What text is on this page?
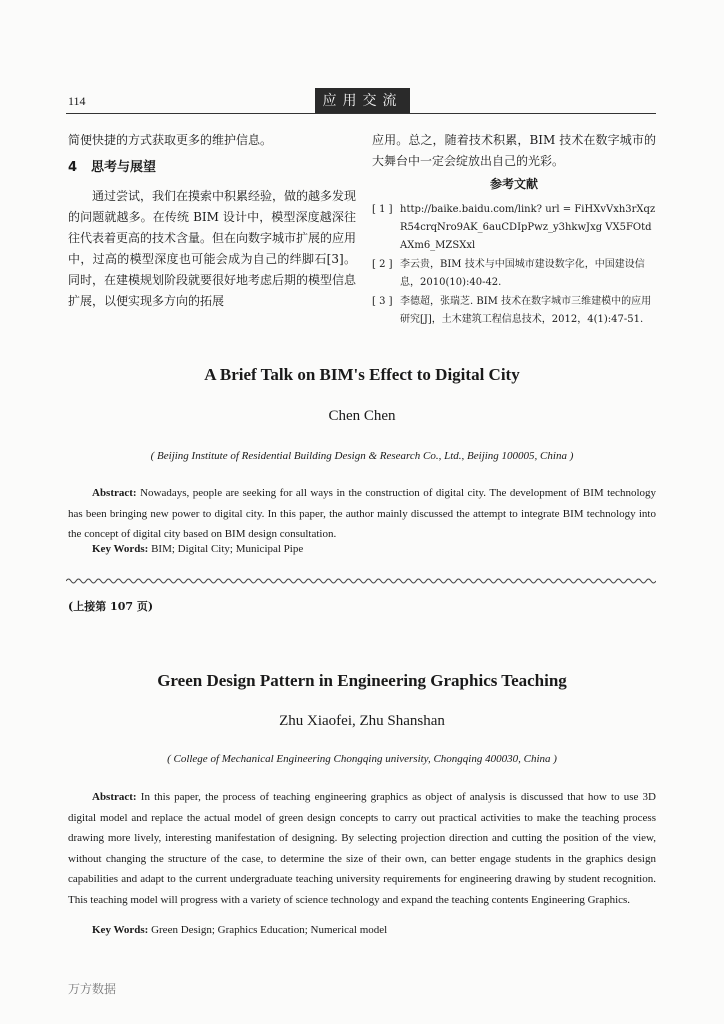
114	应用交流

简便快捷的方式获取更多的维护信息。

4 思考与展望

通过尝试，我们在摸索中积累经验，做的越多发现的问题就越多。在传统 BIM 设计中，模型深度越深往往代表着更高的技术含量。但在向数字城市扩展的应用中，过高的模型深度也可能会成为自己的绊脚石[3]。同时，在建模规划阶段就要很好地考虑后期的模型信息扩展，以便实现多方向的拓展

应用。总之，随着技术积累，BIM 技术在数字城市的大舞台中一定会绽放出自己的光彩。

参考文献
[ 1 ] http://baike.baidu.com/link? url = FiHXvVxh3rXqzR54crqNro9AK_6auCDIpPwz_y3hkwJxg VX5FOtdAXm6_MZSXxl
[ 2 ] 李云贵，BIM 技术与中国城市建设数字化，中国建设信息，2010(10):40-42.
[ 3 ] 李德超，张瑞芝. BIM 技术在数字城市三维建模中的应用研究[J]，土木建筑工程信息技术，2012，4(1):47-51.
A Brief Talk on BIM's Effect to Digital City
Chen Chen
( Beijing Institute of Residential Building Design & Research Co., Ltd., Beijing 100005, China )
Abstract: Nowadays, people are seeking for all ways in the construction of digital city. The development of BIM technology has been bringing new power to digital city. In this paper, the author mainly discussed the attempt to integrate BIM technology into the concept of digital city based on BIM design consultation.
Key Words: BIM; Digital City; Municipal Pipe
(上接第 107 页)
Green Design Pattern in Engineering Graphics Teaching
Zhu Xiaofei, Zhu Shanshan
( College of Mechanical Engineering Chongqing university, Chongqing 400030, China )
Abstract: In this paper, the process of teaching engineering graphics as object of analysis is discussed that how to use 3D digital model and replace the actual model of green design concepts to carry out practical activities to make the teaching process drawing more lively, interesting manifestation of designing. By selecting projection direction and cutting the position of the view, without changing the structure of the case, to determine the size of their own, can better engage students in the graphics design capabilities and adapt to the current undergraduate teaching university requirements for engineering drawing by student recognition. This teaching model will progress with a variety of science technology and expand the teaching contents Engineering Graphics.
Key Words: Green Design; Graphics Education; Numerical model
万方数据
